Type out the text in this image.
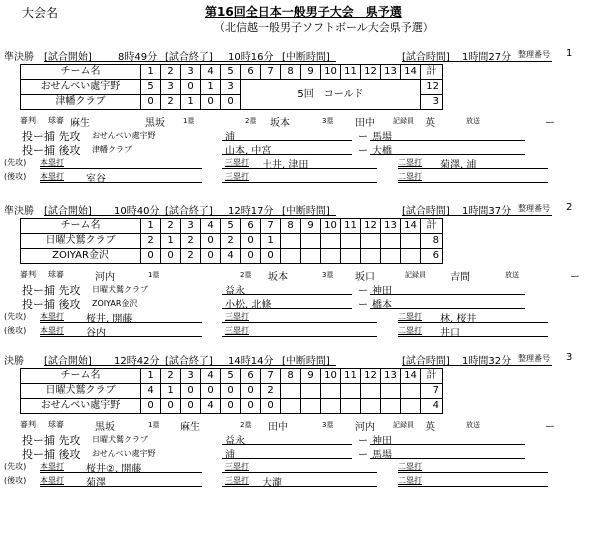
大会名	第16回全日本一般男子大会　県予選
（北信越一般男子ソフトボール大会県予選）
準決勝 [試合開始]	8時49分 [試合終了] 10時16分 [中断時間]	[試合時間] 1時間27分 整理番号 1
チーム名	1	2	3	4	5	6	7	8	9	10	11	12	13	14	計
おせんべい處宇野	5	3	0	1	3	5回　コールド									12
津幡クラブ	0	2	1	0	0										3
審判	麻生
球審	黒坂	1塁	2塁 坂本	3塁 田中	記録員 英	放送	ー
投ー捕 先攻 おせんべい處宇野	浦	ー 馬場
投ー捕 後攻 津幡クラブ	山本, 中宮	ー 大橋
(先攻) 本塁打	三塁打 土井, 津田	二塁打 菊澤, 浦
(後攻) 本塁打 室谷	三塁打	二塁打
準決勝 [試合開始] 10時40分 [試合終了] 12時17分 [中断時間]	[試合時間] 1時間37分 整理番号 2
チーム名	1	2	3	4	5	6	7	8	9	10	11	12	13	14	計
日曜犬鷲クラブ	2	1	2	0	2	0	1								8
ZOIYAR金沢	0	0	2	0	4	0	0								6
審判 球審	河内	1塁	2塁 坂本	3塁 坂口	記録員 吉間	放送	ー
投ー捕 先攻 日曜犬鷲クラブ	益永	ー 神田
投ー捕 後攻 ZOIYAR金沢	小松, 北條	ー 橋本
(先攻) 本塁打 桜井, 開藤	三塁打	二塁打 林, 桜井
(後攻) 本塁打 谷内	三塁打	二塁打 井口
決勝 [試合開始] 12時42分 [試合終了] 14時14分 [中断時間]	[試合時間] 1時間32分 整理番号 3
チーム名	1	2	3	4	5	6	7	8	9	10	11	12	13	14	計
日曜犬鷲クラブ	4	1	0	0	0	0	2								7
おせんべい處宇野	0	0	0	4	0	0	0								4
審判 球審	黒坂	1塁 麻生	2塁 田中	3塁 河内	記録員 英	放送	ー
投ー捕 先攻 日曜犬鷲クラブ	益永	ー 神田
投ー捕 後攻 おせんべい處宇野	浦	ー 馬場
(先攻) 本塁打 桜井②, 開藤	三塁打	二塁打
(後攻) 本塁打 菊澤	三塁打 大瀧	二塁打
